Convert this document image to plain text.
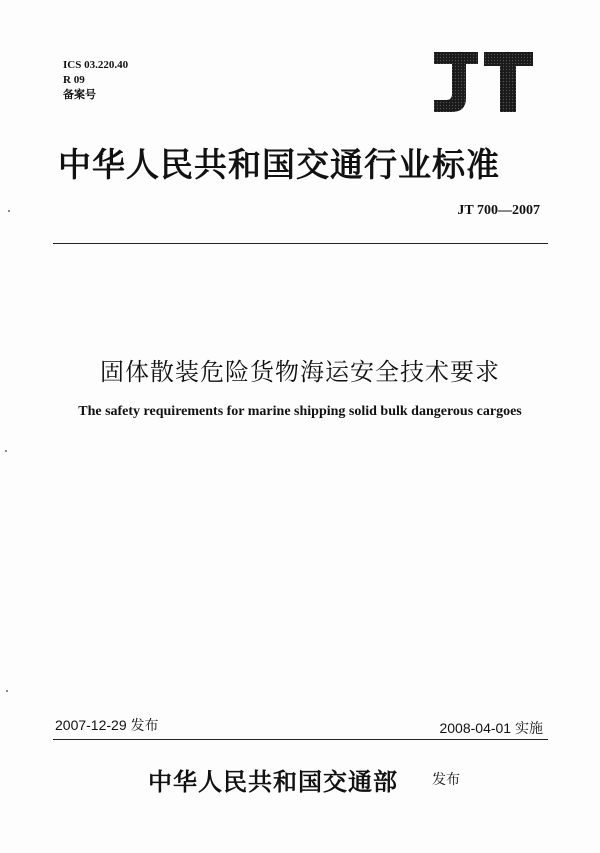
ICS 03.220.40
R 09
备案号
中华人民共和国交通行业标准
JT 700—2007
固体散装危险货物海运安全技术要求
The safety requirements for marine shipping solid bulk dangerous cargoes
2007-12-29 发布	2008-04-01 实施
中华人民共和国交通部 发布
